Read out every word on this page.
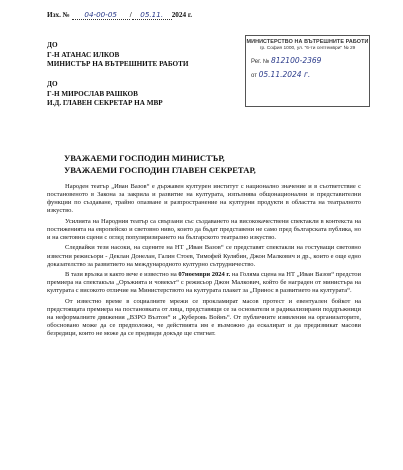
Изх. № 04-00-05 / 05.11. 2024 г.
МИНИСТЕРСТВО НА ВЪТРЕШНИТЕ РАБОТИ
гр. София 1000, ул. "6-ти септември" № 29
Рег. № 812100-2369
от 05.11.2024 г.
ДО
Г-Н АТАНАС ИЛКОВ
МИНИСТЪР НА ВЪТРЕШНИТЕ РАБОТИ
ДО
Г-Н МИРОСЛАВ РАШКОВ
И.Д. ГЛАВЕН СЕКРЕТАР НА МВР
УВАЖАЕМИ ГОСПОДИН МИНИСТЪР,
УВАЖАЕМИ ГОСПОДИН ГЛАВЕН СЕКРЕТАР,

Народен театър „Иван Вазов“ е държавен културен институт с национално значение и в съответствие с постановеното в Закона за закрила и развитие на културата, изпълнява общонационални и представителни функции по създаване, трайно опазване и разпространение на културни продукти в областта на театралното изкуство.

Усилията на Народния театър са свързани със създаването на висококачествени спектакли в контекста на постиженията на европейско и световно ниво, които да бъдат представени не само пред българската публика, но и на световни сцени с оглед популяризирането на българското театрално изкуство.

Следвайки тези насоки, на сцените на НТ „Иван Вазов“ се представят спектакли на гостуващи световно известни режисьори - Деклан Донелан, Галин Стоев, Тимофей Кулябин, Джон Малкович и др., които е още едно доказателство за развитието на международното културно сътрудничество.

В тази връзка и както вече е известно на 07ноември 2024 г. на Голяма сцена на НТ „Иван Вазов“ предстои премиера на спектакъла „Оръжията и човекът“ с режисьор Джон Малкович, който бе награден от министъра на културата с високото отличие на Министерството на културата плакет за „Принос в развитието на културата“.

От известно време в социалните мрежи се прокламират масов протест и евентуален бойкот на предстоящата премиера на постановката от лица, представящи се за основатели и радикализирани поддръжници на неформалните движения „ВЗРО Възтон“ и „Куберовь Войнъ“. От публичните изявления на организаторите, обосновано може да се предположи, че действията им е възможно да ескалират и да предизвикат масови безредици, които не може да се предвиди докъде ще стигнат.
